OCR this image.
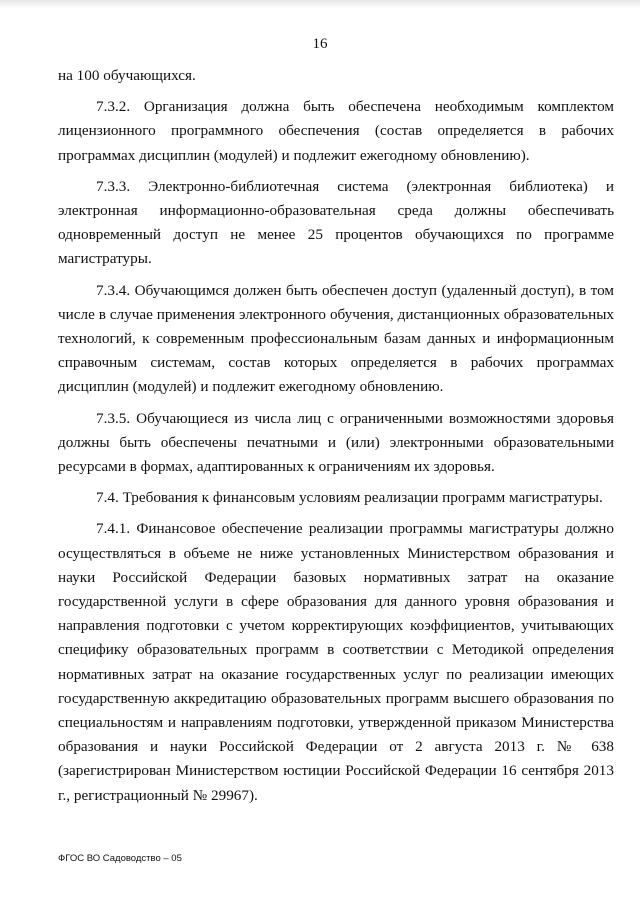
16

на 100 обучающихся.

7.3.2. Организация должна быть обеспечена необходимым комплектом лицензионного программного обеспечения (состав определяется в рабочих программах дисциплин (модулей) и подлежит ежегодному обновлению).

7.3.3. Электронно-библиотечная система (электронная библиотека) и электронная информационно-образовательная среда должны обеспечивать одновременный доступ не менее 25 процентов обучающихся по программе магистратуры.

7.3.4. Обучающимся должен быть обеспечен доступ (удаленный доступ), в том числе в случае применения электронного обучения, дистанционных образовательных технологий, к современным профессиональным базам данных и информационным справочным системам, состав которых определяется в рабочих программах дисциплин (модулей) и подлежит ежегодному обновлению.

7.3.5. Обучающиеся из числа лиц с ограниченными возможностями здоровья должны быть обеспечены печатными и (или) электронными образовательными ресурсами в формах, адаптированных к ограничениям их здоровья.

7.4. Требования к финансовым условиям реализации программ магистратуры.

7.4.1. Финансовое обеспечение реализации программы магистратуры должно осуществляться в объеме не ниже установленных Министерством образования и науки Российской Федерации базовых нормативных затрат на оказание государственной услуги в сфере образования для данного уровня образования и направления подготовки с учетом корректирующих коэффициентов, учитывающих специфику образовательных программ в соответствии с Методикой определения нормативных затрат на оказание государственных услуг по реализации имеющих государственную аккредитацию образовательных программ высшего образования по специальностям и направлениям подготовки, утвержденной приказом Министерства образования и науки Российской Федерации от 2 августа 2013 г. № 638 (зарегистрирован Министерством юстиции Российской Федерации 16 сентября 2013 г., регистрационный № 29967).

ФГОС ВО Садоводство – 05
